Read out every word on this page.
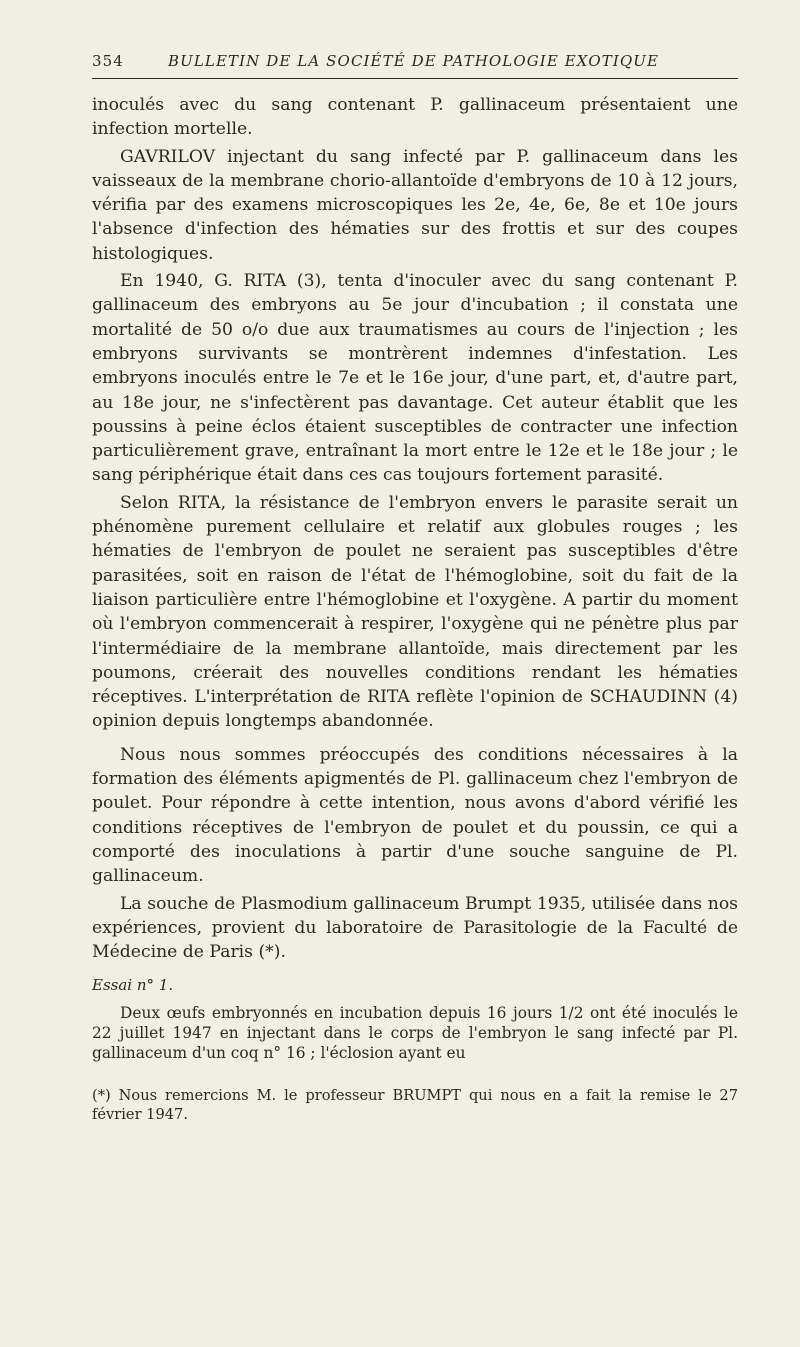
354	BULLETIN DE LA SOCIÉTÉ DE PATHOLOGIE EXOTIQUE

inoculés avec du sang contenant P. gallinaceum présentaient une infection mortelle.

GAVRILOV injectant du sang infecté par P. gallinaceum dans les vaisseaux de la membrane chorio-allantoïde d'embryons de 10 à 12 jours, vérifia par des examens microscopiques les 2e, 4e, 6e, 8e et 10e jours l'absence d'infection des hématies sur des frottis et sur des coupes histologiques.

En 1940, G. RITA (3), tenta d'inoculer avec du sang contenant P. gallinaceum des embryons au 5e jour d'incubation ; il constata une mortalité de 50 o/o due aux traumatismes au cours de l'injection ; les embryons survivants se montrèrent indemnes d'infestation. Les embryons inoculés entre le 7e et le 16e jour, d'une part, et, d'autre part, au 18e jour, ne s'infectèrent pas davantage. Cet auteur établit que les poussins à peine éclos étaient susceptibles de contracter une infection particulièrement grave, entraînant la mort entre le 12e et le 18e jour ; le sang périphérique était dans ces cas toujours fortement parasité.

Selon RITA, la résistance de l'embryon envers le parasite serait un phénomène purement cellulaire et relatif aux globules rouges ; les hématies de l'embryon de poulet ne seraient pas susceptibles d'être parasitées, soit en raison de l'état de l'hémoglobine, soit du fait de la liaison particulière entre l'hémoglobine et l'oxygène. A partir du moment où l'embryon commencerait à respirer, l'oxygène qui ne pénètre plus par l'intermédiaire de la membrane allantoïde, mais directement par les poumons, créerait des nouvelles conditions rendant les hématies réceptives. L'interprétation de RITA reflète l'opinion de SCHAUDINN (4) opinion depuis longtemps abandonnée.

Nous nous sommes préoccupés des conditions nécessaires à la formation des éléments apigmentés de Pl. gallinaceum chez l'embryon de poulet. Pour répondre à cette intention, nous avons d'abord vérifié les conditions réceptives de l'embryon de poulet et du poussin, ce qui a comporté des inoculations à partir d'une souche sanguine de Pl. gallinaceum.

La souche de Plasmodium gallinaceum Brumpt 1935, utilisée dans nos expériences, provient du laboratoire de Parasitologie de la Faculté de Médecine de Paris (*).

Essai n° 1.

Deux œufs embryonnés en incubation depuis 16 jours 1/2 ont été inoculés le 22 juillet 1947 en injectant dans le corps de l'embryon le sang infecté par Pl. gallinaceum d'un coq n° 16 ; l'éclosion ayant eu

(*) Nous remercions M. le professeur BRUMPT qui nous en a fait la remise le 27 février 1947.
